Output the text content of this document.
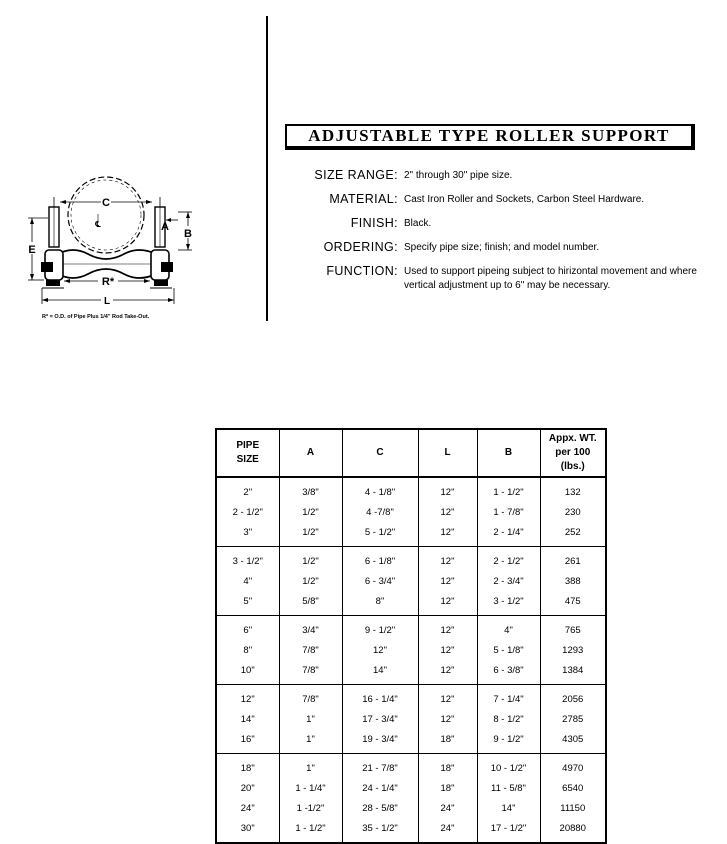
C
℄	A
B
E
R*
L
R* = O.D. of Pipe Plus 1/4" Rod Take-Out.
ADJUSTABLE TYPE ROLLER SUPPORT
SIZE RANGE: 2" through 30" pipe size.
MATERIAL: Cast Iron Roller and Sockets, Carbon Steel Hardware.
FINISH: Black.
ORDERING: Specify pipe size; finish; and model number.
FUNCTION: Used to support pipeing subject to hirizontal movement and where vertical adjustment up to 6" may be necessary.
PIPE SIZE	A	C	L	B	Appx. WT. per 100 (lbs.)

2"	3/8"	4 - 1/8"	12"	1 - 1/2"	132
2 - 1/2"	1/2"	4 -7/8"	12"	1 - 7/8"	230
3"	1/2"	5 - 1/2"	12"	2 - 1/4"	252
3 - 1/2"	1/2"	6 - 1/8"	12"	2 - 1/2"	261
4"	1/2"	6 - 3/4"	12"	2 - 3/4"	388
5"	5/8"	8"	12"	3 - 1/2"	475
6"	3/4"	9 - 1/2"	12"	4"	765
8"	7/8"	12"	12"	5 - 1/8"	1293
10"	7/8"	14"	12"	6 - 3/8"	1384
12"	7/8"	16 - 1/4"	12"	7 - 1/4"	2056
14"	1"	17 - 3/4"	12"	8 - 1/2"	2785
16"	1"	19 - 3/4"	18"	9 - 1/2"	4305
18"	1"	21 - 7/8"	18"	10 - 1/2"	4970
20"	1 - 1/4"	24 - 1/4"	18"	11 - 5/8"	6540
24"	1 -1/2"	28 - 5/8"	24"	14"	11150
30"	1 - 1/2"	35 - 1/2"	24"	17 - 1/2"	20880
